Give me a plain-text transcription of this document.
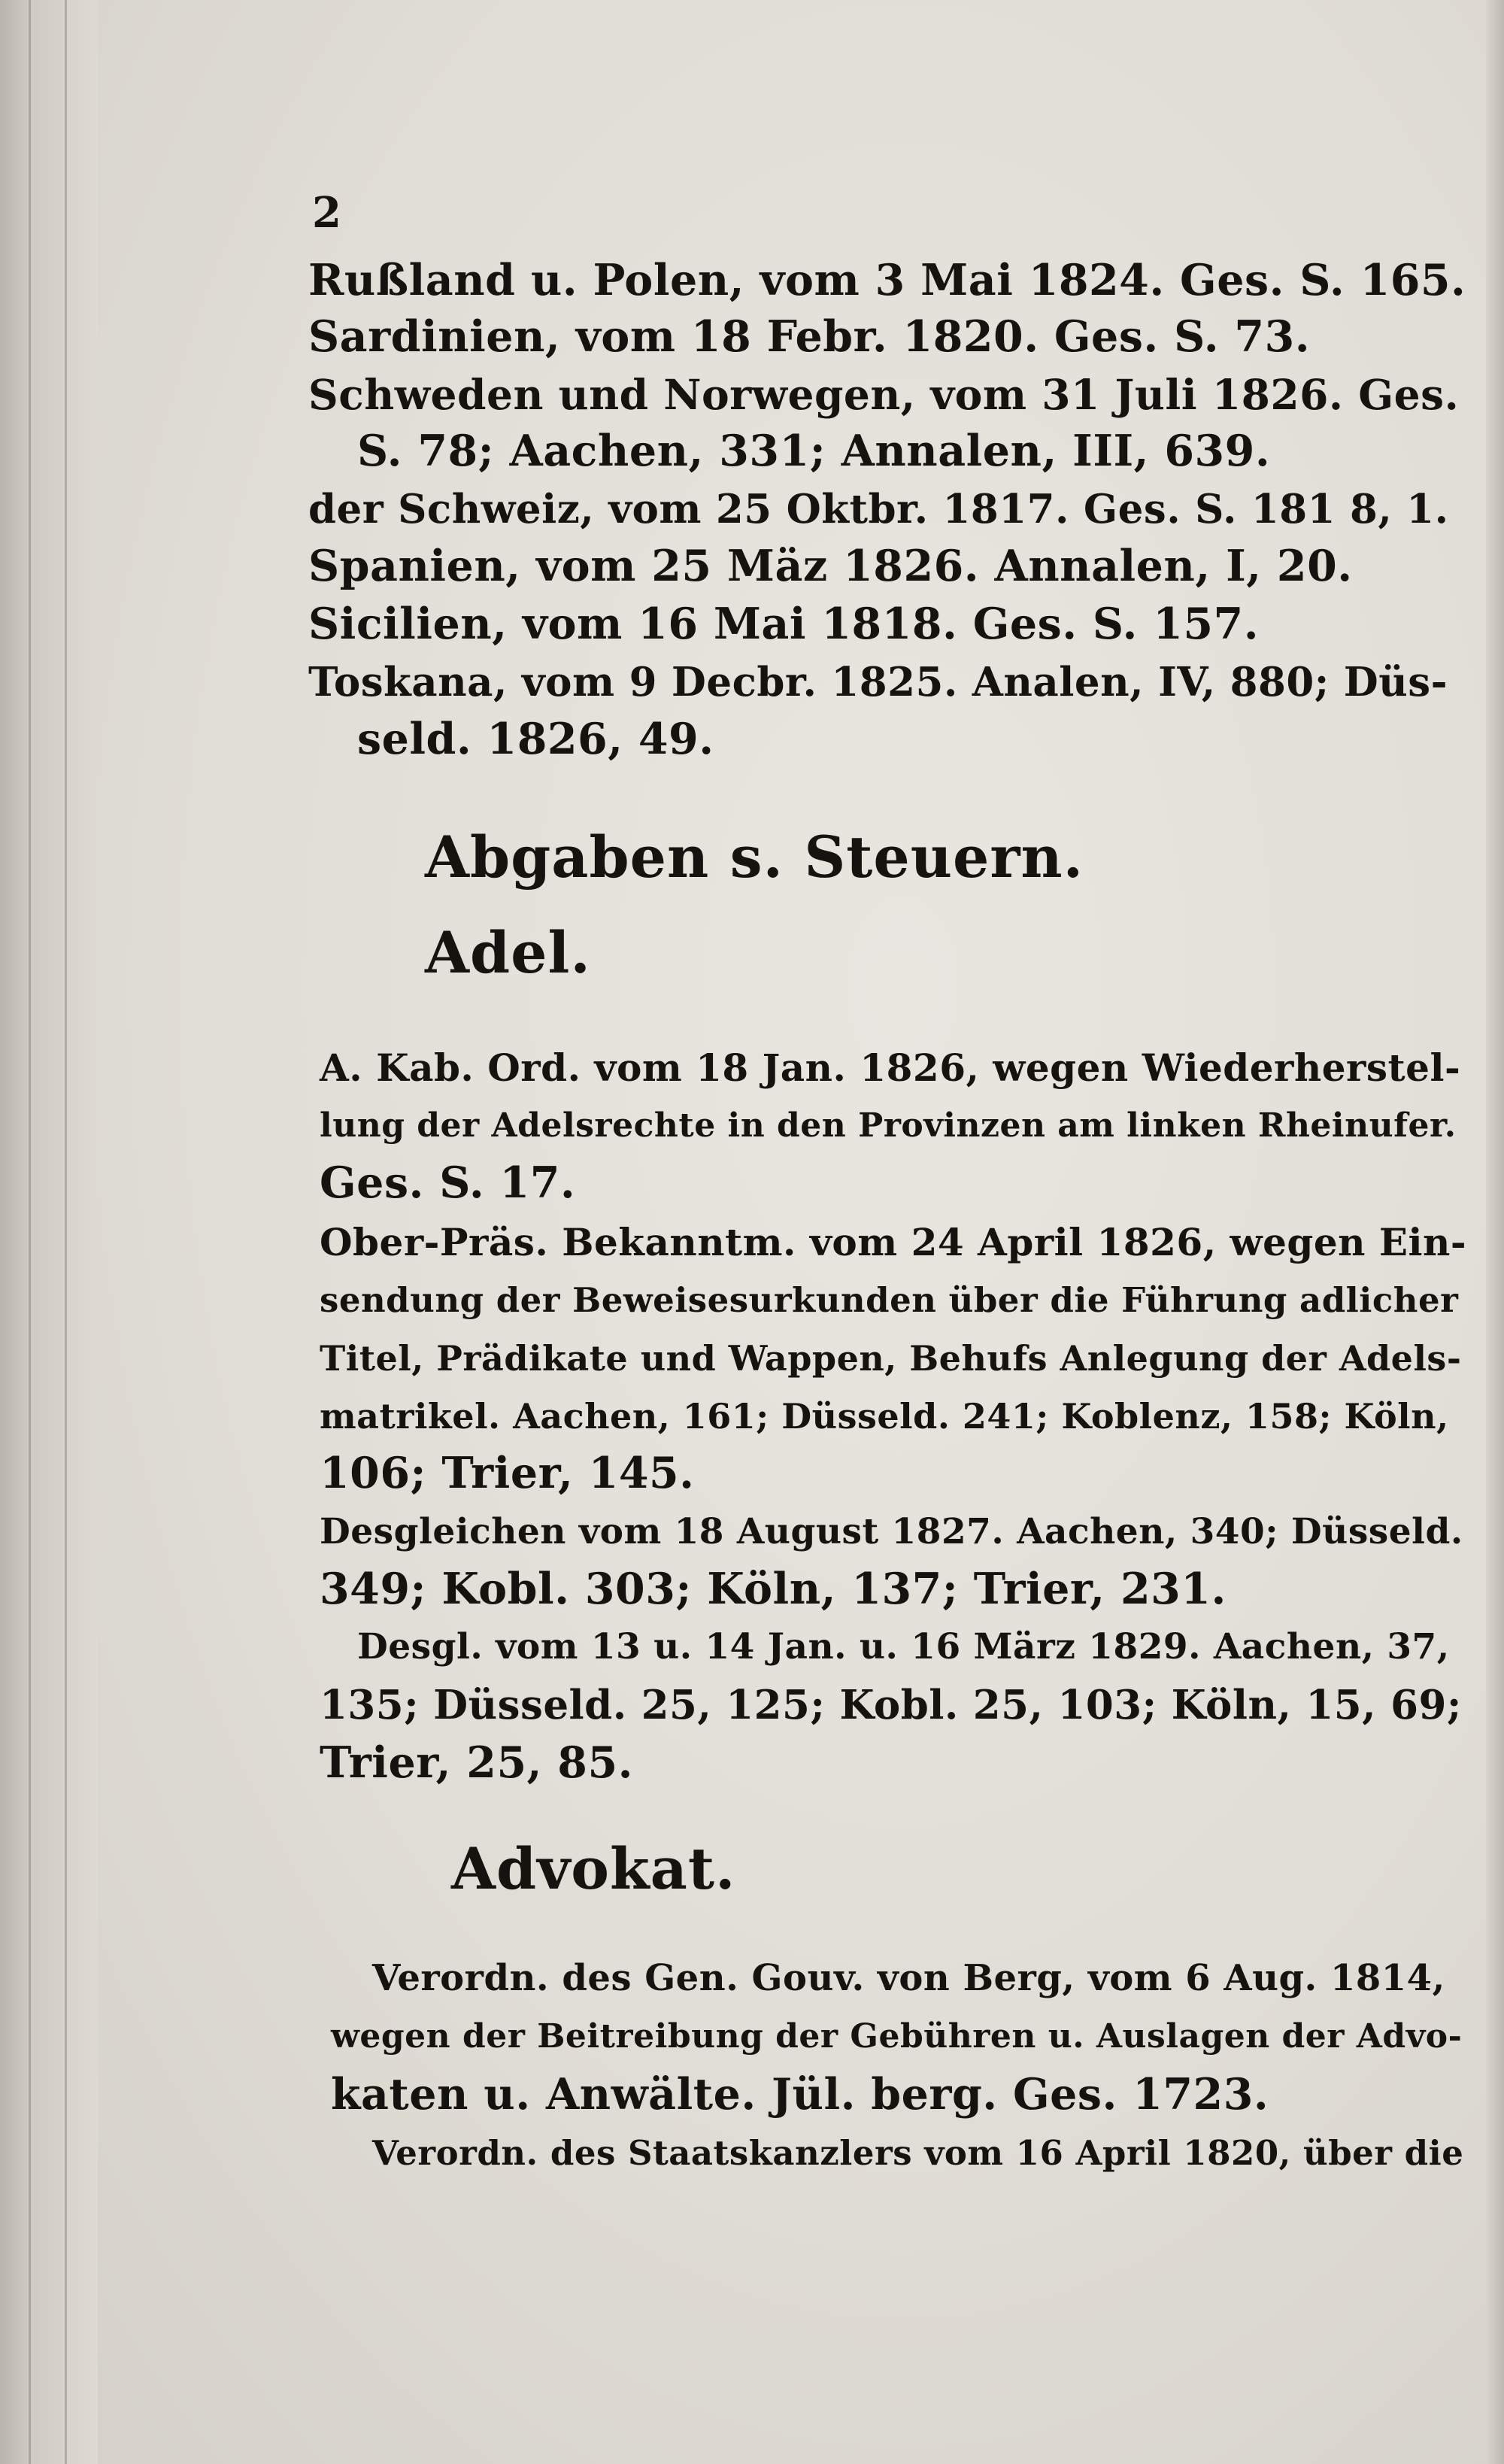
2
Rußland u. Polen, vom 3 Mai 1824. Ges. S. 165.
Sardinien, vom 18 Febr. 1820. Ges. S. 73.
Schweden und Norwegen, vom 31 Juli 1826. Ges.
S. 78; Aachen, 331; Annalen, III, 639.
der Schweiz, vom 25 Oktbr. 1817. Ges. S. 181 8, 1.
Spanien, vom 25 Mäz 1826. Annalen, I, 20.
Sicilien, vom 16 Mai 1818. Ges. S. 157.
Toskana, vom 9 Decbr. 1825. Analen, IV, 880; Düs-
seld. 1826, 49.
Abgaben s. Steuern.
Adel.
A. Kab. Ord. vom 18 Jan. 1826, wegen Wiederherstel-
lung der Adelsrechte in den Provinzen am linken Rheinufer.
Ges. S. 17.
Ober-Präs. Bekanntm. vom 24 April 1826, wegen Ein-
sendung der Beweisesurkunden über die Führung adlicher
Titel, Prädikate und Wappen, Behufs Anlegung der Adels-
matrikel. Aachen, 161; Düsseld. 241; Koblenz, 158; Köln,
106; Trier, 145.
Desgleichen vom 18 August 1827. Aachen, 340; Düsseld.
349; Kobl. 303; Köln, 137; Trier, 231.
Desgl. vom 13 u. 14 Jan. u. 16 März 1829. Aachen, 37,
135; Düsseld. 25, 125; Kobl. 25, 103; Köln, 15, 69;
Trier, 25, 85.
Advokat.
Verordn. des Gen. Gouv. von Berg, vom 6 Aug. 1814,
wegen der Beitreibung der Gebühren u. Auslagen der Advo-
katen u. Anwälte. Jül. berg. Ges. 1723.
Verordn. des Staatskanzlers vom 16 April 1820, über die
